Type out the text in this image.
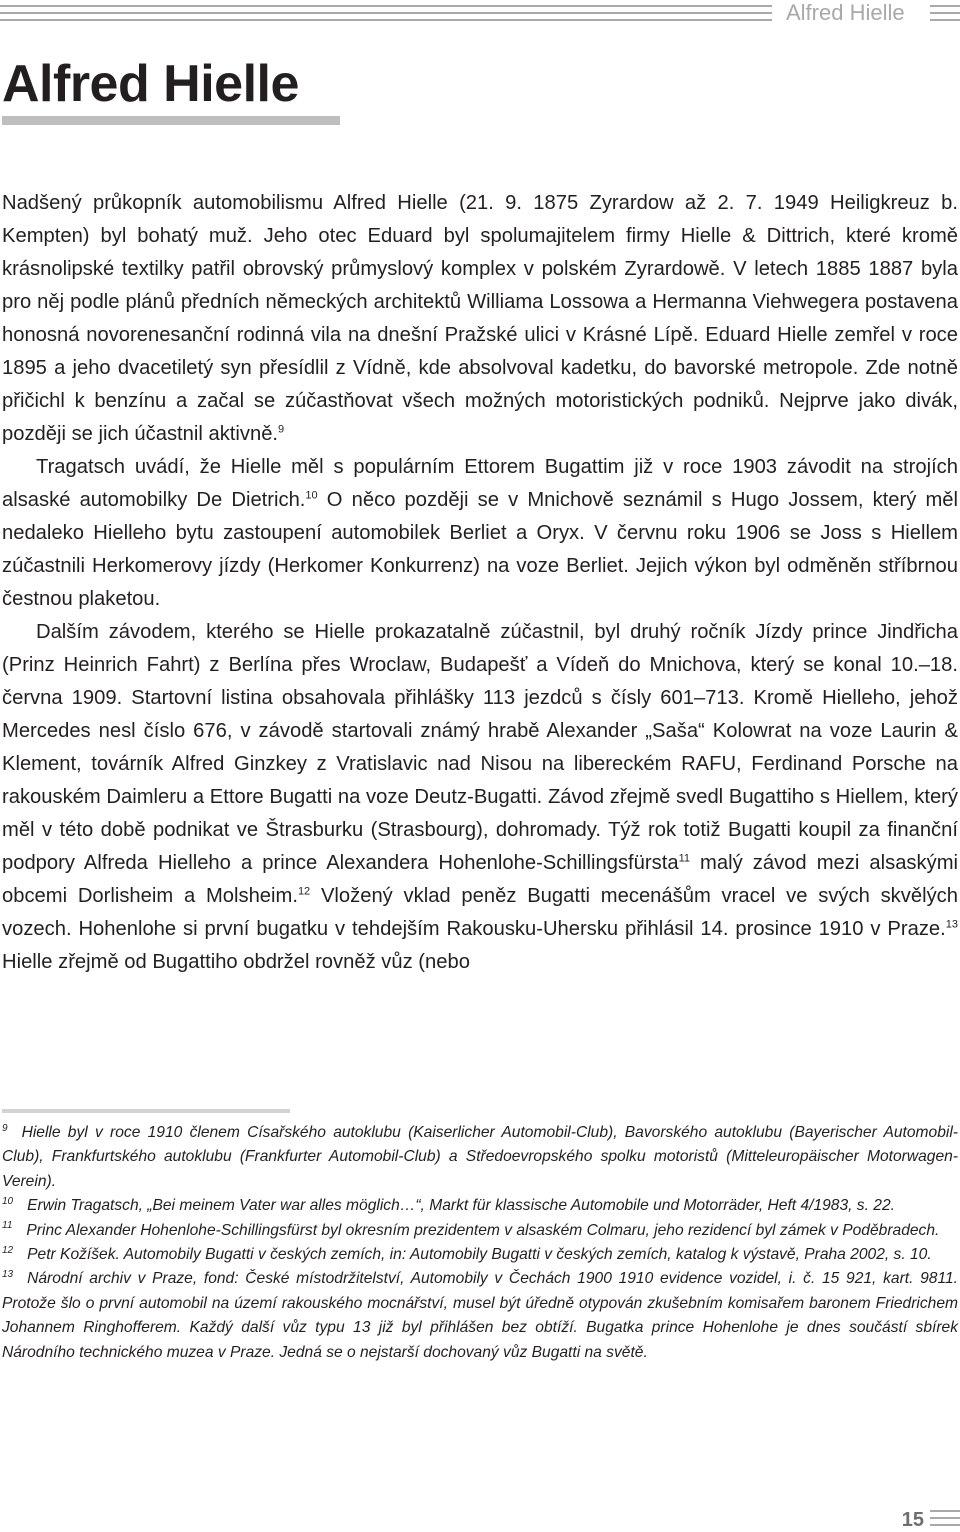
Alfred Hielle
Alfred Hielle

Nadšený průkopník automobilismu Alfred Hielle (21. 9. 1875 Zyrardow až 2. 7. 1949 Heiligkreuz b. Kempten) byl bohatý muž. Jeho otec Eduard byl spolumajitelem firmy Hielle & Dittrich, které kromě krásnolipské textilky patřil obrovský průmyslový komplex v polském Zyrardowě. V letech 1885 1887 byla pro něj podle plánů předních německých architektů Williama Lossowa a Hermanna Viehwegera postavena honosná novorenesanční rodinná vila na dnešní Pražské ulici v Krásné Lípě. Eduard Hielle zemřel v roce 1895 a jeho dvacetiletý syn přesídlil z Vídně, kde absolvoval kadetku, do bavorské metropole. Zde notně přičichl k benzínu a začal se zúčastňovat všech možných motoristických podniků. Nejprve jako divák, později se jich účastnil aktivně.$^9$

Tragatsch uvádí, že Hielle měl s populárním Ettorem Bugattim již v roce 1903 závodit na strojích alsaské automobilky De Dietrich.$^{10}$ O něco později se v Mnichově seznámil s Hugo Jossem, který měl nedaleko Hielleho bytu zastoupení automobilek Berliet a Oryx. V červnu roku 1906 se Joss s Hiellem zúčastnili Herkomerovy jízdy (Herkomer Konkurrenz) na voze Berliet. Jejich výkon byl odměněn stříbrnou čestnou plaketou.

Dalším závodem, kterého se Hielle prokazatalně zúčastnil, byl druhý ročník Jízdy prince Jindřicha (Prinz Heinrich Fahrt) z Berlína přes Wroclaw, Budapešť a Vídeň do Mnichova, který se konal 10.–18. června 1909. Startovní listina obsahovala přihlášky 113 jezdců s čísly 601–713. Kromě Hielleho, jehož Mercedes nesl číslo 676, v závodě startovali známý hrabě Alexander „Saša“ Kolowrat na voze Laurin & Klement, továrník Alfred Ginzkey z Vratislavic nad Nisou na libereckém RAFU, Ferdinand Porsche na rakouském Daimleru a Ettore Bugatti na voze Deutz-Bugatti. Závod zřejmě svedl Bugattiho s Hiellem, který měl v této době podnikat ve Štrasburku (Strasbourg), dohromady. Týž rok totiž Bugatti koupil za finanční podpory Alfreda Hielleho a prince Alexandera Hohenlohe-Schillingsfürsta$^{11}$ malý závod mezi alsaskými obcemi Dorlisheim a Molsheim.$^{12}$ Vložený vklad peněz Bugatti mecenášům vracel ve svých skvělých vozech. Hohenlohe si první bugatku v tehdejším Rakousku-Uhersku přihlásil 14. prosince 1910 v Praze.$^{13}$ Hielle zřejmě od Bugattiho obdržel rovněž vůz (nebo

$^9$ Hielle byl v roce 1910 členem Císařského autoklubu (Kaiserlicher Automobil-Club), Bavorského autoklubu (Bayerischer Automobil-Club), Frankfurtského autoklubu (Frankfurter Automobil-Club) a Středoevropského spolku motoristů (Mitteleuropäischer Motorwagen-Verein).

$^{10}$ Erwin Tragatsch, „Bei meinem Vater war alles möglich…“, Markt für klassische Automobile und Motorräder, Heft 4/1983, s. 22.

$^{11}$ Princ Alexander Hohenlohe-Schillingsfürst byl okresním prezidentem v alsaském Colmaru, jeho rezidencí byl zámek v Poděbradech.

$^{12}$ Petr Kožíšek. Automobily Bugatti v českých zemích, in: Automobily Bugatti v českých zemích, katalog k výstavě, Praha 2002, s. 10.

$^{13}$ Národní archiv v Praze, fond: České místodržitelství, Automobily v Čechách 1900 1910 evidence vozidel, i. č. 15 921, kart. 9811. Protože šlo o první automobil na území rakouského mocnářství, musel být úředně otypován zkušebním komisařem baronem Friedrichem Johannem Ringhofferem. Každý další vůz typu 13 již byl přihlášen bez obtíží. Bugatka prince Hohenlohe je dnes součástí sbírek Národního technického muzea v Praze. Jedná se o nejstarší dochovaný vůz Bugatti na světě.

15
